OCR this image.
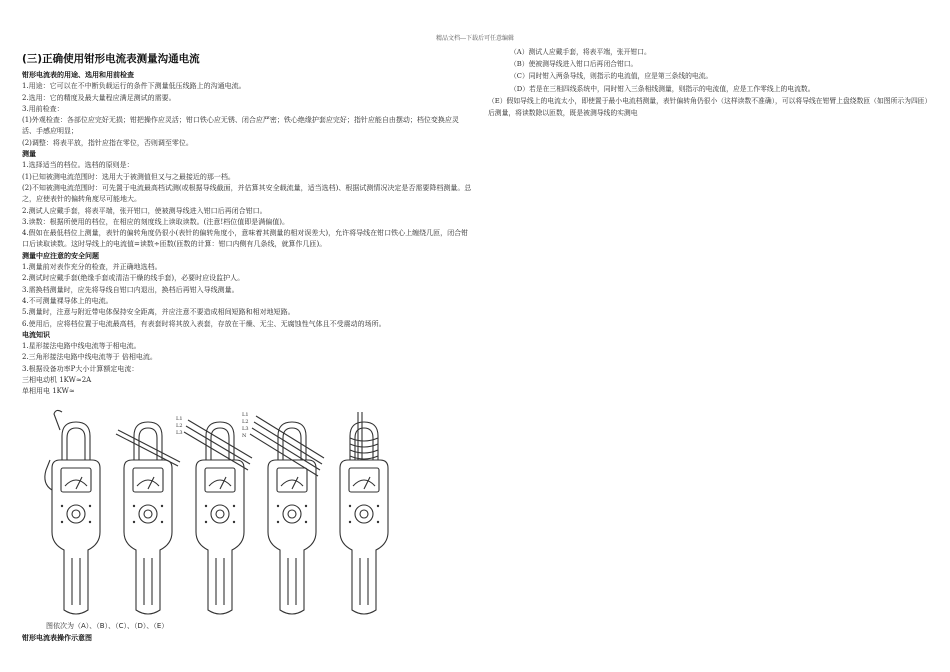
精品文档---下载后可任意编辑

(三)正确使用钳形电流表测量沟通电流

钳形电流表的用途、选用和用前检查

1.用途：它可以在不中断负载运行的条件下测量低压线路上的沟通电流。

2.选用：它的精度及最大量程应满足测试的需要。

3.用前检查：

(1)外观检查：各部位应完好无损；钳把操作应灵活；钳口铁心应无锈、闭合应严密；铁心绝缘护套应完好；指针应能自由摆动；档位变换应灵活、手感应明显；

(2)调整：将表平放，指针应指在零位，否则调至零位。

测量

1.选择适当的档位。选档的原则是：

(1)已知被测电流范围时：选用大于被测值但又与之最接近的那一档。

(2)不知被测电流范围时：可先置于电流最高档试测(或根据导线截面，并估算其安全载流量，适当选档)、根据试测情况决定是否需要降档测量。总之，应使表针的偏转角度尽可能地大。

2.测试人应戴手套，将表平端，张开钳口，使被测导线进入钳口后再闭合钳口。

3.读数：根据所使用的档位，在相应的刻度线上读取读数。(注意!档位值即是满偏值)。

4.假如在最低档位上测量，表针的偏转角度仍很小(表针的偏转角度小，意味着其测量的相对误差大)，允许将导线在钳口铁心上缠绕几匝，闭合钳口后读取读数。这时导线上的电流值=读数÷匝数(匝数的计算：钳口内侧有几条线，就算作几匝)。

测量中应注意的安全问题

1.测量前对表作充分的检查，并正确地选档。

2.测试时应戴手套(绝缘手套或清洁干燥的线手套)，必要时应设监护人。

3.需换档测量时，应先将导线自钳口内退出，换档后再钳入导线测量。

4.不可测量裸导体上的电流。

5.测量时，注意与附近带电体保持安全距离，并应注意不要造成相间短路和相对地短路。

6.使用后，应将档位置于电流最高档，有表套时将其放入表套，存放在干燥、无尘、无腐蚀性气体且不受震动的场所。

电流知识

1.星形接法电路中线电流等于相电流。

2.三角形接法电路中线电流等于 倍相电流。

3.根据设备功率P大小计算额定电流：

三相电动机 1KW≈2A

单相用电 1KW≈

（A）测试人应戴手套，将表平端，张开钳口。

（B）使被测导线进入钳口后再闭合钳口。

（C）同时钳入两条导线，则指示的电流值，应是第三条线的电流。

（D）若是在三相四线系统中，同时钳入三条相线测量，则指示的电流值，应是工作零线上的电流数。

（E）假如导线上的电流太小，即使置于最小电流档测量，表针偏转角仍很小（这样读数不准确），可以将导线在钳臂上盘绕数匝（如图所示为四匝）后测量，将读数除以匝数，既是被测导线的实测电

L1
L2
L3
L1
L2
L3
N
图依次为（A）、（B）、（C）、（D）、（E）
钳形电流表操作示意图
